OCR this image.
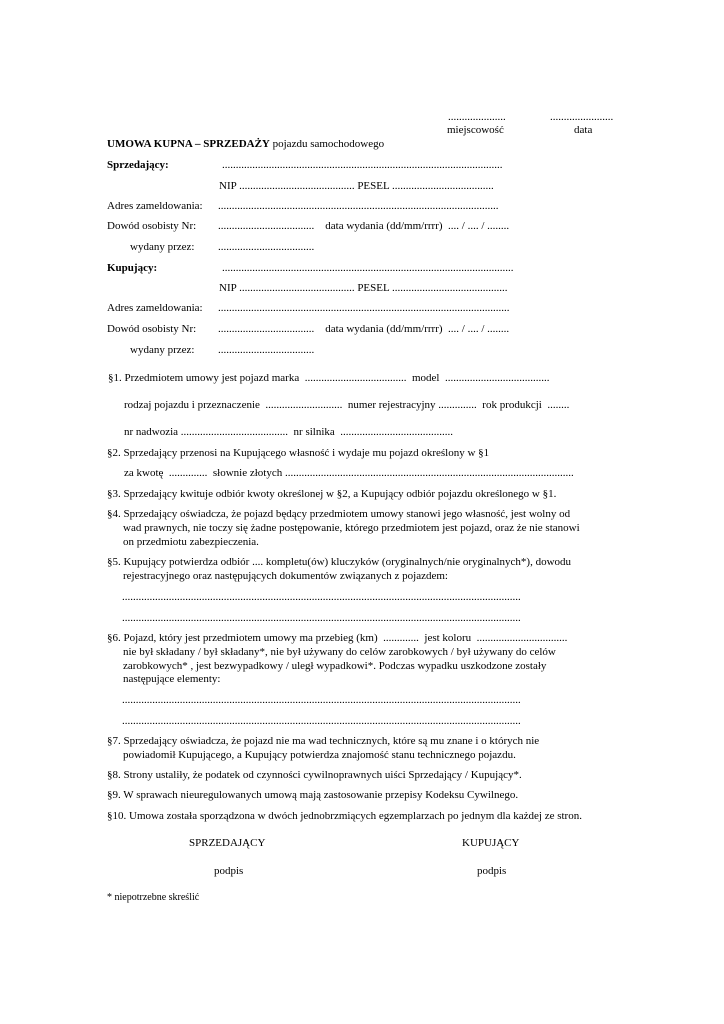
.....................	.......................
miejscowość	data
UMOWA KUPNA – SPRZEDAŻY pojazdu samochodowego
Sprzedający:	......................................................................................................
NIP .......................................... PESEL .....................................
Adres zameldowania: ......................................................................................................
Dowód osobisty Nr: ...................................    data wydania (dd/mm/rrrr)  .... / .... / ........
wydany przez: ...................................
Kupujący:	..........................................................................................................
NIP .......................................... PESEL ..........................................
Adres zameldowania: ..........................................................................................................
Dowód osobisty Nr: ...................................    data wydania (dd/mm/rrrr)  .... / .... / ........
wydany przez: ...................................
§1. Przedmiotem umowy jest pojazd marka  .....................................  model  ......................................
rodzaj pojazdu i przeznaczenie  ............................  numer rejestracyjny ..............  rok produkcji  ........
nr nadwozia .......................................  nr silnika  .........................................
§2. Sprzedający przenosi na Kupującego własność i wydaje mu pojazd określony w §1
za kwotę  ..............  słownie złotych .........................................................................................................
§3. Sprzedający kwituje odbiór kwoty określonej w §2, a Kupujący odbiór pojazdu określonego w §1.
§4. Sprzedający oświadcza, że pojazd będący przedmiotem umowy stanowi jego własność, jest wolny od
wad prawnych, nie toczy się żadne postępowanie, którego przedmiotem jest pojazd, oraz że nie stanowi
on przedmiotu zabezpieczenia.
§5. Kupujący potwierdza odbiór .... kompletu(ów) kluczyków (oryginalnych/nie oryginalnych*), dowodu
rejestracyjnego oraz następujących dokumentów związanych z pojazdem:
.................................................................................................................................................
.................................................................................................................................................
§6. Pojazd, który jest przedmiotem umowy ma przebieg (km)  .............  jest koloru  .................................
nie był składany / był składany*, nie był używany do celów zarobkowych / był używany do celów
zarobkowych* , jest bezwypadkowy / uległ wypadkowi*. Podczas wypadku uszkodzone zostały
następujące elementy:
.................................................................................................................................................
.................................................................................................................................................
§7. Sprzedający oświadcza, że pojazd nie ma wad technicznych, które są mu znane i o których nie
powiadomił Kupującego, a Kupujący potwierdza znajomość stanu technicznego pojazdu.
§8. Strony ustaliły, że podatek od czynności cywilnoprawnych uiści Sprzedający / Kupujący*.
§9. W sprawach nieuregulowanych umową mają zastosowanie przepisy Kodeksu Cywilnego.
§10. Umowa została sporządzona w dwóch jednobrzmiących egzemplarzach po jednym dla każdej ze stron.
SPRZEDAJĄCY	KUPUJĄCY
podpis	podpis
* niepotrzebne skreślić
